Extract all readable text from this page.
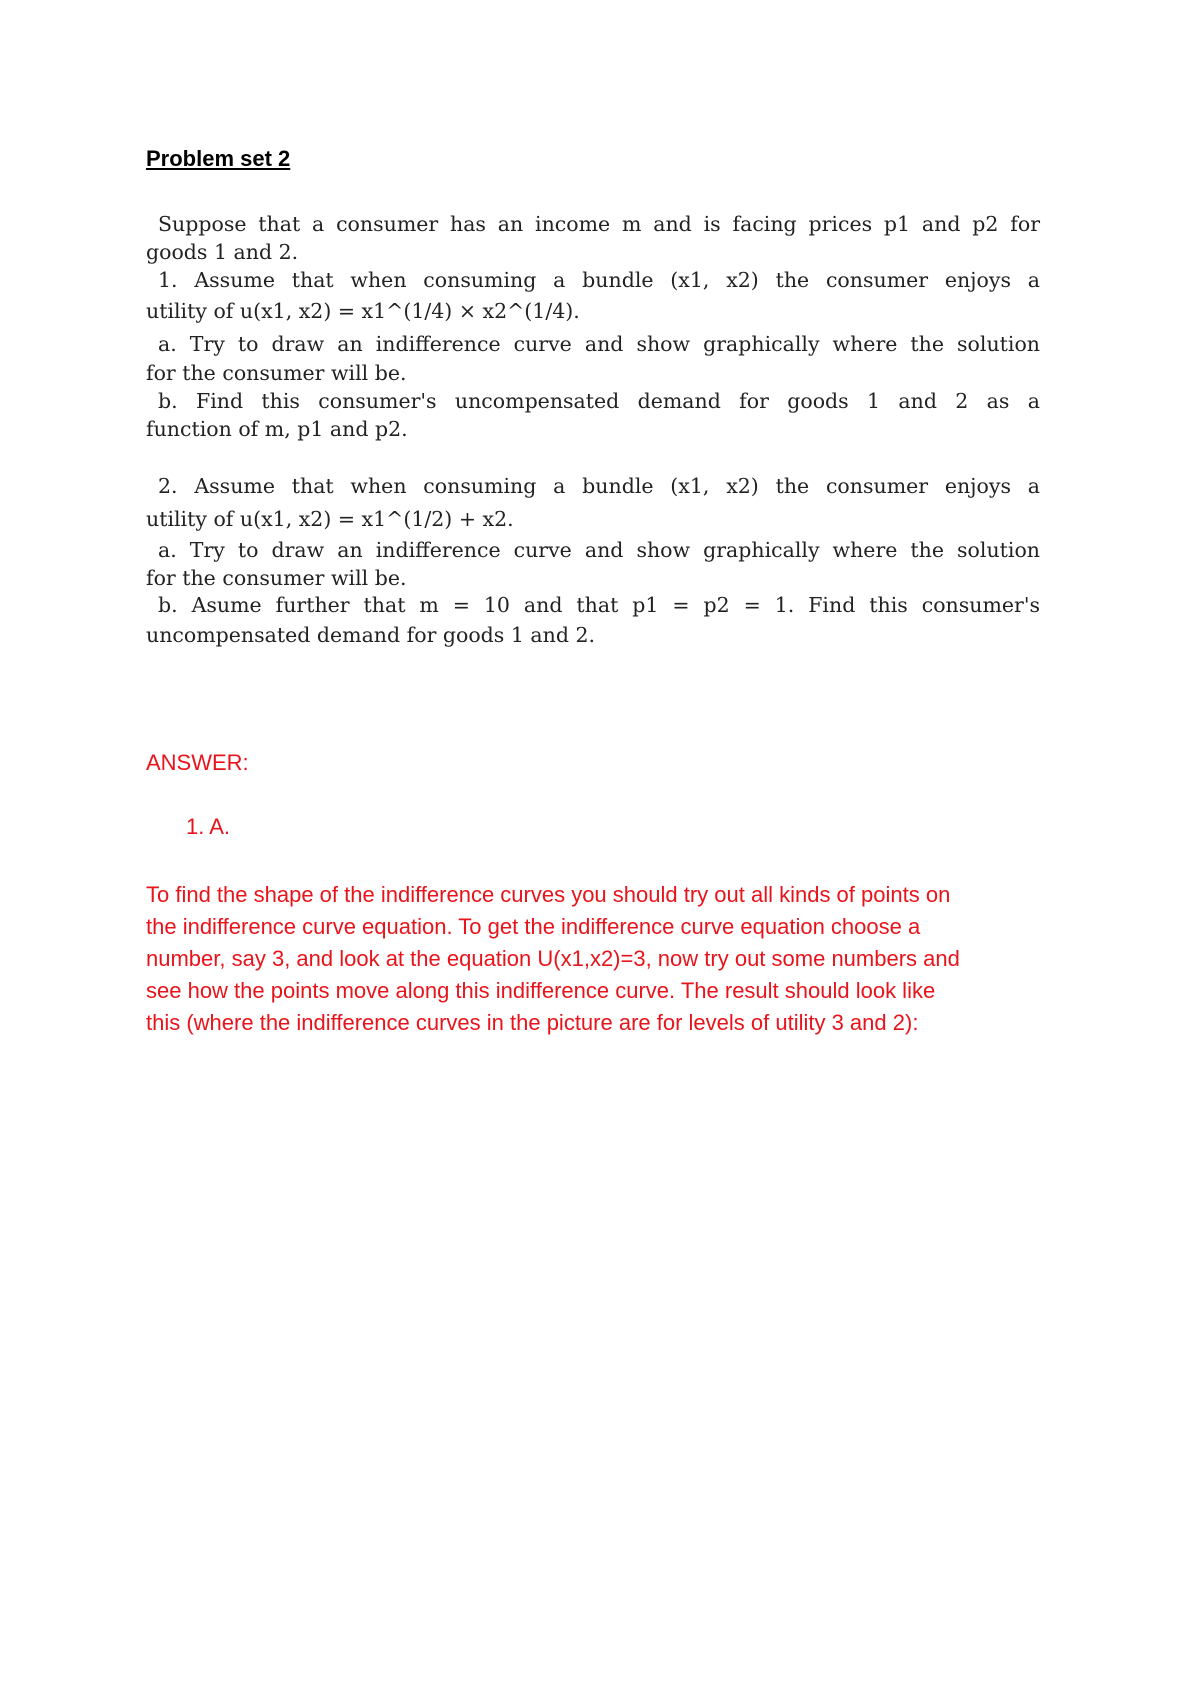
Problem set 2
Suppose that a consumer has an income m and is facing prices p1 and p2 for
goods 1 and 2.
1. Assume that when consuming a bundle (x1, x2) the consumer enjoys a
utility of u(x1, x2) = x1^(1/4) × x2^(1/4).
a. Try to draw an indifference curve and show graphically where the solution
for the consumer will be.
b. Find this consumer's uncompensated demand for goods 1 and 2 as a
function of m, p1 and p2.
2. Assume that when consuming a bundle (x1, x2) the consumer enjoys a
utility of u(x1, x2) = x1^(1/2) + x2.
a. Try to draw an indifference curve and show graphically where the solution
for the consumer will be.
b. Asume further that m = 10 and that p1 = p2 = 1. Find this consumer's
uncompensated demand for goods 1 and 2.
ANSWER:
1. A.
To find the shape of the indifference curves you should try out all kinds of points on
the indifference curve equation. To get the indifference curve equation choose a
number, say 3, and look at the equation U(x1,x2)=3, now try out some numbers and
see how the points move along this indifference curve. The result should look like
this (where the indifference curves in the picture are for levels of utility 3 and 2):
